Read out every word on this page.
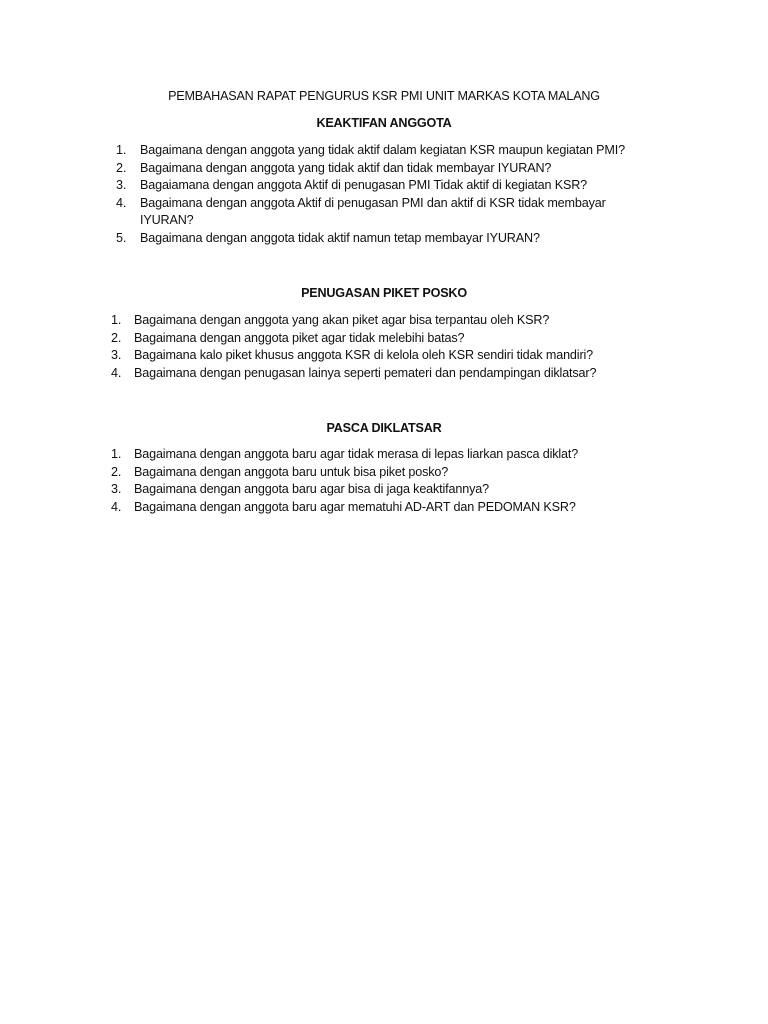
PEMBAHASAN RAPAT PENGURUS KSR PMI UNIT MARKAS KOTA MALANG
KEAKTIFAN ANGGOTA
1. Bagaimana dengan anggota yang tidak aktif dalam kegiatan KSR maupun kegiatan PMI?
2. Bagaimana dengan anggota yang tidak aktif dan tidak membayar IYURAN?
3. Bagaiamana dengan anggota Aktif di penugasan PMI Tidak aktif di kegiatan KSR?
4. Bagaimana dengan anggota Aktif di penugasan PMI dan aktif di KSR tidak membayar IYURAN?
5. Bagaimana dengan anggota tidak aktif namun tetap membayar IYURAN?
PENUGASAN PIKET POSKO
1. Bagaimana dengan anggota yang akan piket agar bisa terpantau oleh KSR?
2. Bagaimana dengan anggota piket agar tidak melebihi batas?
3. Bagaimana kalo piket khusus anggota KSR di kelola oleh KSR sendiri tidak mandiri?
4. Bagaimana dengan penugasan lainya seperti pemateri dan pendampingan diklatsar?
PASCA DIKLATSAR
1. Bagaimana dengan anggota baru agar tidak merasa di lepas liarkan pasca diklat?
2. Bagaimana dengan anggota baru untuk bisa piket posko?
3. Bagaimana dengan anggota baru agar bisa di jaga keaktifannya?
4. Bagaimana dengan anggota baru agar mematuhi AD-ART dan PEDOMAN KSR?
